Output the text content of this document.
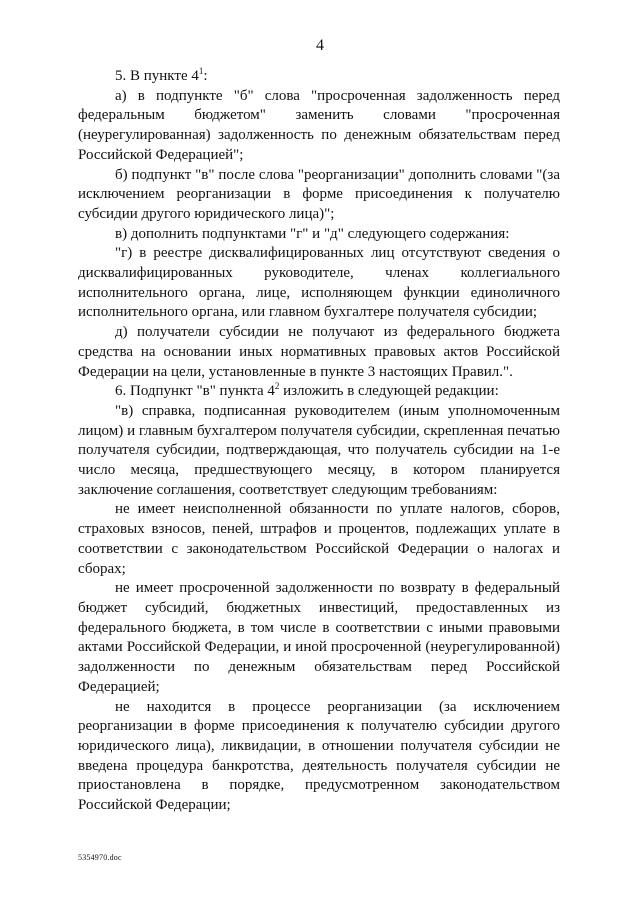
4

5. В пункте $4^1$:

а) в подпункте "б" слова "просроченная задолженность перед федеральным бюджетом" заменить словами "просроченная (неурегулированная) задолженность по денежным обязательствам перед Российской Федерацией";

б) подпункт "в" после слова "реорганизации" дополнить словами "(за исключением реорганизации в форме присоединения к получателю субсидии другого юридического лица)";

в) дополнить подпунктами "г" и "д" следующего содержания:

"г) в реестре дисквалифицированных лиц отсутствуют сведения о дисквалифицированных руководителе, членах коллегиального исполнительного органа, лице, исполняющем функции единоличного исполнительного органа, или главном бухгалтере получателя субсидии;

д) получатели субсидии не получают из федерального бюджета средства на основании иных нормативных правовых актов Российской Федерации на цели, установленные в пункте 3 настоящих Правил.".

6. Подпункт "в" пункта $4^2$ изложить в следующей редакции:

"в) справка, подписанная руководителем (иным уполномоченным лицом) и главным бухгалтером получателя субсидии, скрепленная печатью получателя субсидии, подтверждающая, что получатель субсидии на 1-е число месяца, предшествующего месяцу, в котором планируется заключение соглашения, соответствует следующим требованиям:

не имеет неисполненной обязанности по уплате налогов, сборов, страховых взносов, пеней, штрафов и процентов, подлежащих уплате в соответствии с законодательством Российской Федерации о налогах и сборах;

не имеет просроченной задолженности по возврату в федеральный бюджет субсидий, бюджетных инвестиций, предоставленных из федерального бюджета, в том числе в соответствии с иными правовыми актами Российской Федерации, и иной просроченной (неурегулированной) задолженности по денежным обязательствам перед Российской Федерацией;

не находится в процессе реорганизации (за исключением реорганизации в форме присоединения к получателю субсидии другого юридического лица), ликвидации, в отношении получателя субсидии не введена процедура банкротства, деятельность получателя субсидии не приостановлена в порядке, предусмотренном законодательством Российской Федерации;

5354970.doc
